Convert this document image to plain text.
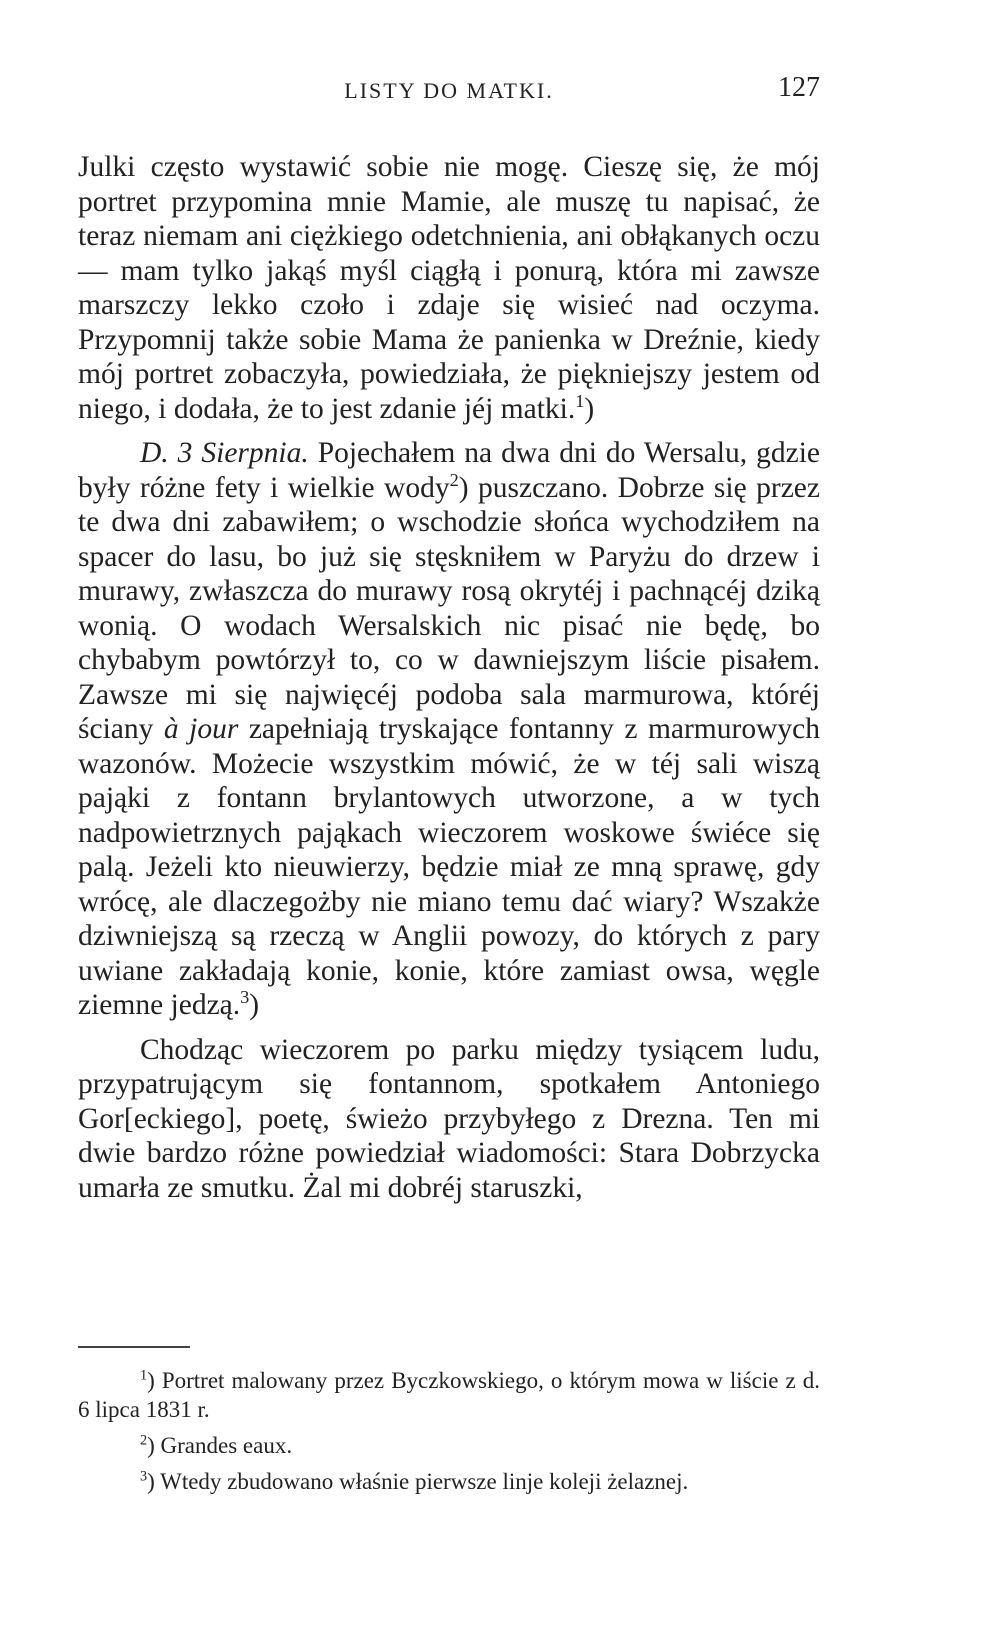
LISTY DO MATKI.	127

Julki często wystawić sobie nie mogę. Cieszę się, że mój portret przypomina mnie Mamie, ale muszę tu napisać, że teraz niemam ani ciężkiego odetchnienia, ani obłąkanych oczu — mam tylko jakąś myśl ciągłą i ponurą, która mi zawsze marszczy lekko czoło i zdaje się wisieć nad oczyma. Przypomnij także sobie Mama że panienka w Dreźnie, kiedy mój portret zobaczyła, powiedziała, że piękniejszy jestem od niego, i dodała, że to jest zdanie jéj matki.$^1$)

D. 3 Sierpnia. Pojechałem na dwa dni do Wersalu, gdzie były różne fety i wielkie wody$^2$) puszczano. Dobrze się przez te dwa dni zabawiłem; o wschodzie słońca wychodziłem na spacer do lasu, bo już się stęskniłem w Paryżu do drzew i murawy, zwłaszcza do murawy rosą okrytéj i pachnącéj dziką wonią. O wodach Wersalskich nic pisać nie będę, bo chybabym powtórzył to, co w dawniejszym liście pisałem. Zawsze mi się najwięcéj podoba sala marmurowa, któréj ściany à jour zapełniają tryskające fontanny z marmurowych wazonów. Możecie wszystkim mówić, że w téj sali wiszą pająki z fontann brylantowych utworzone, a w tych nadpowietrznych pająkach wieczorem woskowe świéce się palą. Jeżeli kto nieuwierzy, będzie miał ze mną sprawę, gdy wrócę, ale dlaczegożby nie miano temu dać wiary? Wszakże dziwniejszą są rzeczą w Anglii powozy, do których z pary uwiane zakładają konie, konie, które zamiast owsa, węgle ziemne jedzą.$^3$)

Chodząc wieczorem po parku między tysiącem ludu, przypatrującym się fontannom, spotkałem Antoniego Gor[eckiego], poetę, świeżo przybyłego z Drezna. Ten mi dwie bardzo różne powiedział wiadomości: Stara Dobrzycka umarła ze smutku. Żal mi dobréj staruszki,

$^1$) Portret malowany przez Byczkowskiego, o którym mowa w liście z d. 6 lipca 1831 r.

$^2$) Grandes eaux.

$^3$) Wtedy zbudowano właśnie pierwsze linje koleji żelaznej.
